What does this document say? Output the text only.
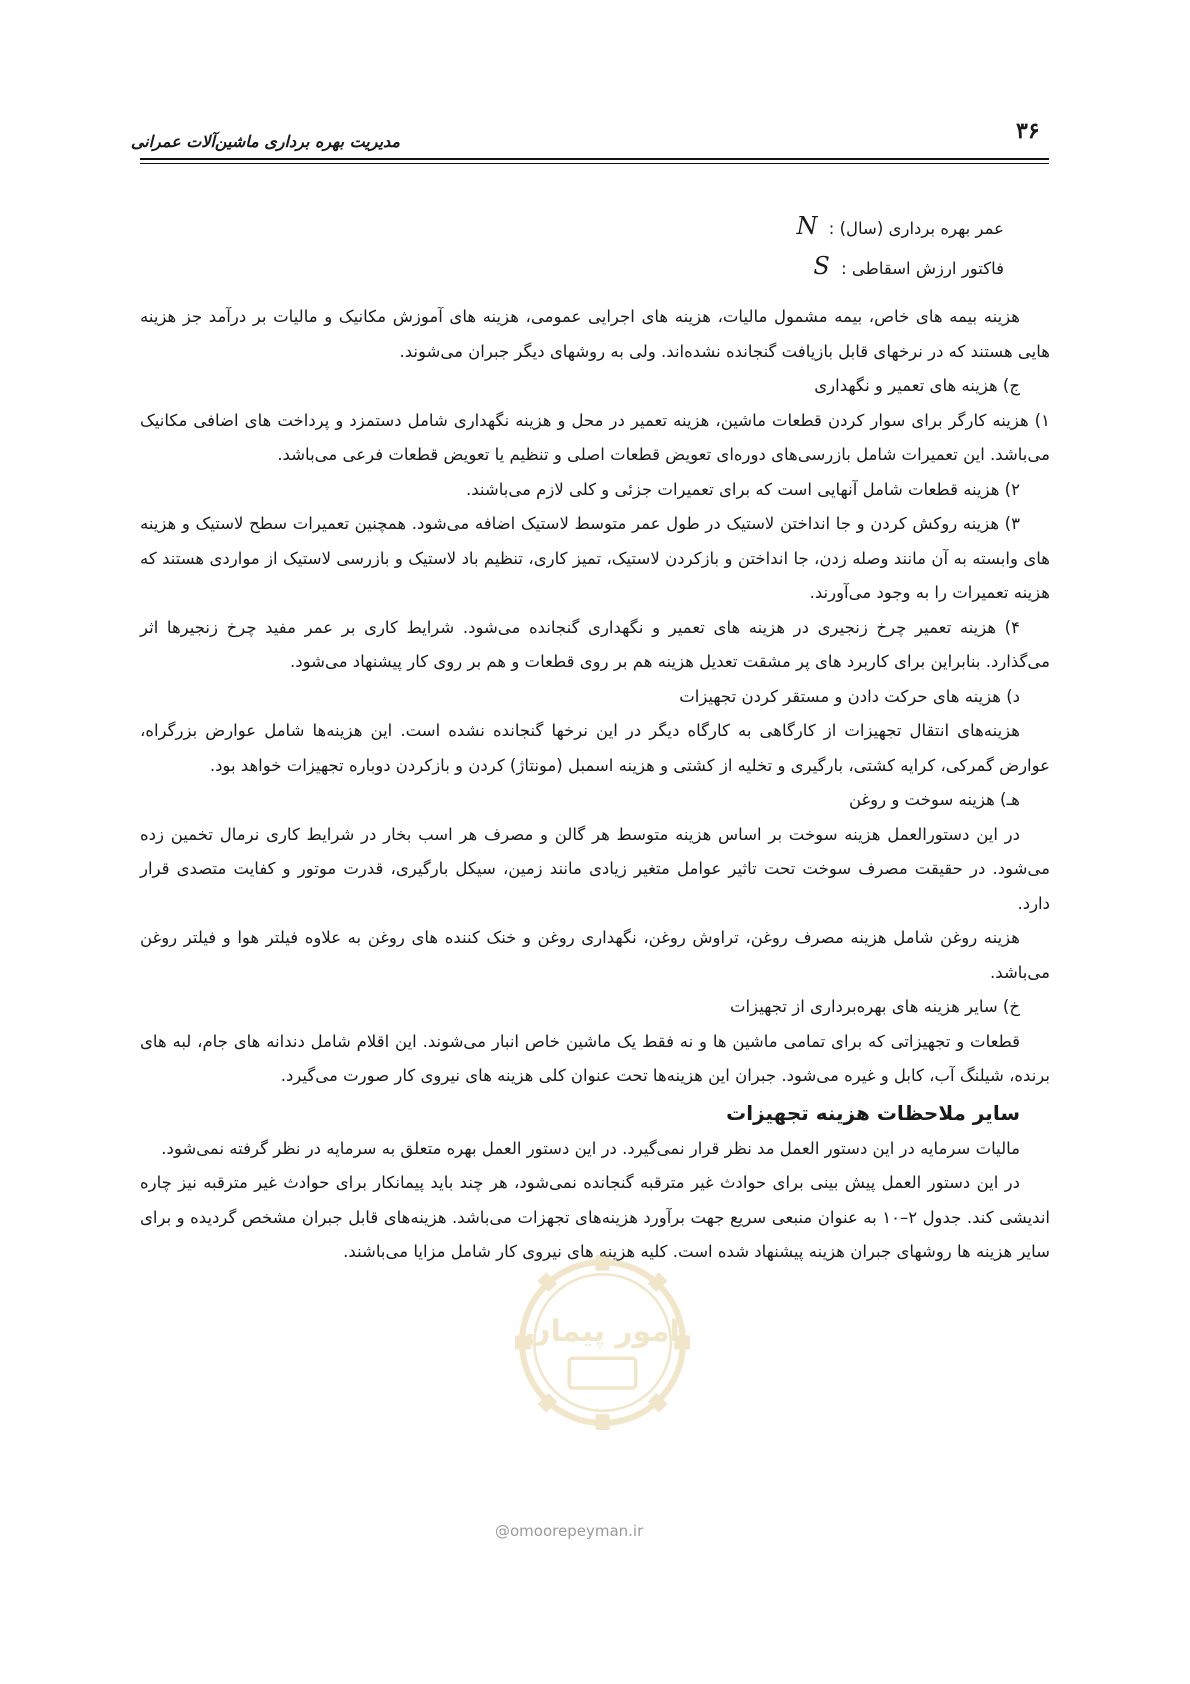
۳۶
مدیریت بهره برداری ماشین‌آلات عمرانی
عمر بهره برداری (سال) : N
فاکتور ارزش اسقاطی : S

هزینه بیمه های خاص، بیمه مشمول مالیات، هزینه های اجرایی عمومی، هزینه های آموزش مکانیک و مالیات بر درآمد جز هزینه هایی هستند که در نرخهای قابل بازیافت گنجانده نشده‌اند. ولی به روشهای دیگر جبران می‌شوند.

ج) هزینه های تعمیر و نگهداری

۱) هزینه کارگر برای سوار کردن قطعات ماشین، هزینه تعمیر در محل و هزینه نگهداری شامل دستمزد و پرداخت های اضافی مکانیک می‌باشد. این تعمیرات شامل بازرسی‌های دوره‌ای تعویض قطعات اصلی و تنظیم یا تعویض قطعات فرعی می‌باشد.

۲) هزینه قطعات شامل آنهایی است که برای تعمیرات جزئی و کلی لازم می‌باشند.

۳) هزینه روکش کردن و جا انداختن لاستیک در طول عمر متوسط لاستیک اضافه می‌شود. همچنین تعمیرات سطح لاستیک و هزینه های وابسته به آن مانند وصله زدن، جا انداختن و بازکردن لاستیک، تمیز کاری، تنظیم باد لاستیک و بازرسی لاستیک از مواردی هستند که هزینه تعمیرات را به وجود می‌آورند.

۴) هزینه تعمیر چرخ زنجیری در هزینه های تعمیر و نگهداری گنجانده می‌شود. شرایط کاری بر عمر مفید چرخ زنجیرها اثر می‌گذارد. بنابراین برای کاربرد های پر مشقت تعدیل هزینه هم بر روی قطعات و هم بر روی کار پیشنهاد می‌شود.

د) هزینه های حرکت دادن و مستقر کردن تجهیزات

هزینه‌های انتقال تجهیزات از کارگاهی به کارگاه دیگر در این نرخها گنجانده نشده است. این هزینه‌ها شامل عوارض بزرگراه، عوارض گمرکی، کرایه کشتی، بارگیری و تخلیه از کشتی و هزینه اسمبل (مونتاژ) کردن و بازکردن دوباره تجهیزات خواهد بود.

هـ) هزینه سوخت و روغن

در این دستورالعمل هزینه سوخت بر اساس هزینه متوسط هر گالن و مصرف هر اسب بخار در شرایط کاری نرمال تخمین زده می‌شود. در حقیقت مصرف سوخت تحت تاثیر عوامل متغیر زیادی مانند زمین، سیکل بارگیری، قدرت موتور و کفایت متصدی قرار دارد.

هزینه روغن شامل هزینه مصرف روغن، تراوش روغن، نگهداری روغن و خنک کننده های روغن به علاوه فیلتر هوا و فیلتر روغن می‌باشد.

خ) سایر هزینه های بهره‌برداری از تجهیزات

قطعات و تجهیزاتی که برای تمامی ماشین ها و نه فقط یک ماشین خاص انبار می‌شوند. این اقلام شامل دندانه های جام، لبه های برنده، شیلنگ آب، کابل و غیره می‌شود. جبران این هزینه‌ها تحت عنوان کلی هزینه های نیروی کار صورت می‌گیرد.

سایر ملاحظات هزینه تجهیزات

مالیات سرمایه در این دستور العمل مد نظر قرار نمی‌گیرد. در این دستور العمل بهره متعلق به سرمایه در نظر گرفته نمی‌شود.

در این دستور العمل پیش بینی برای حوادث غیر مترقبه گنجانده نمی‌شود، هر چند باید پیمانکار برای حوادث غیر مترقبه نیز چاره اندیشی کند. جدول ۲–۱۰ به عنوان منبعی سریع جهت برآورد هزینه‌های تجهزات می‌باشد. هزینه‌های قابل جبران مشخص گردیده و برای سایر هزینه ها روشهای جبران هزینه پیشنهاد شده است. کلیه هزینه های نیروی کار شامل مزایا می‌باشند.

امور پیمان
@omoorepeyman.ir
